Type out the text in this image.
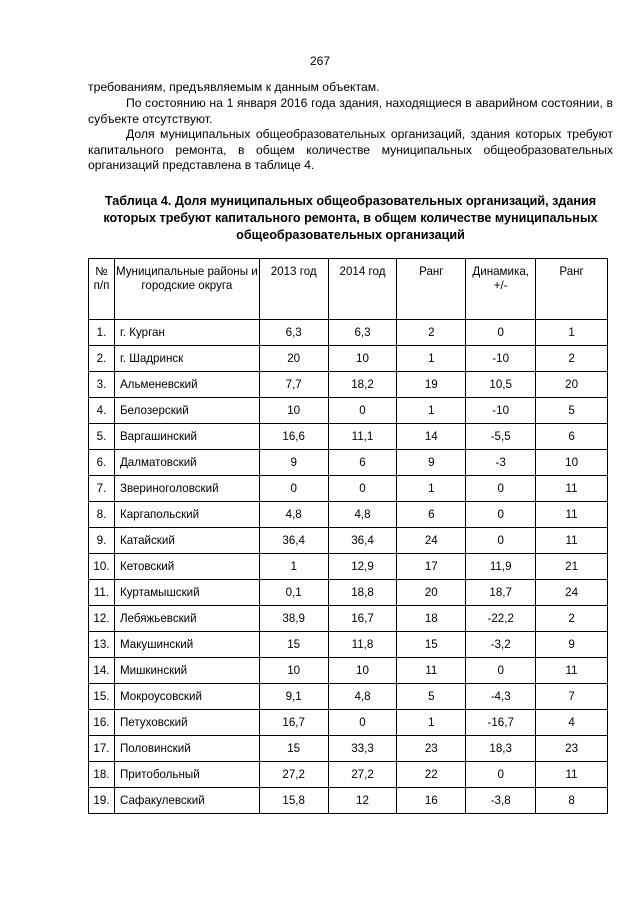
267

требованиям, предъявляемым к данным объектам.

По состоянию на 1 января 2016 года здания, находящиеся в аварийном состоянии, в субъекте отсутствуют.

Доля муниципальных общеобразовательных организаций, здания которых требуют капитального ремонта, в общем количестве муниципальных общеобразовательных организаций представлена в таблице 4.

Таблица 4. Доля муниципальных общеобразовательных организаций, здания которых требуют капитального ремонта, в общем количестве муниципальных общеобразовательных организаций
№ п/п	Муниципальные районы и городские округа	2013 год	2014 год	Ранг	Динамика, +/-	Ранг
1.	г. Курган	6,3	6,3	2	0	1
2.	г. Шадринск	20	10	1	-10	2
3.	Альменевский	7,7	18,2	19	10,5	20
4.	Белозерский	10	0	1	-10	5
5.	Варгашинский	16,6	11,1	14	-5,5	6
6.	Далматовский	9	6	9	-3	10
7.	Звериноголовский	0	0	1	0	11
8.	Каргапольский	4,8	4,8	6	0	11
9.	Катайский	36,4	36,4	24	0	11
10.	Кетовский	1	12,9	17	11,9	21
11.	Куртамышский	0,1	18,8	20	18,7	24
12.	Лебяжьевский	38,9	16,7	18	-22,2	2
13.	Макушинский	15	11,8	15	-3,2	9
14.	Мишкинский	10	10	11	0	11
15.	Мокроусовский	9,1	4,8	5	-4,3	7
16.	Петуховский	16,7	0	1	-16,7	4
17.	Половинский	15	33,3	23	18,3	23
18.	Притобольный	27,2	27,2	22	0	11
19.	Сафакулевский	15,8	12	16	-3,8	8
